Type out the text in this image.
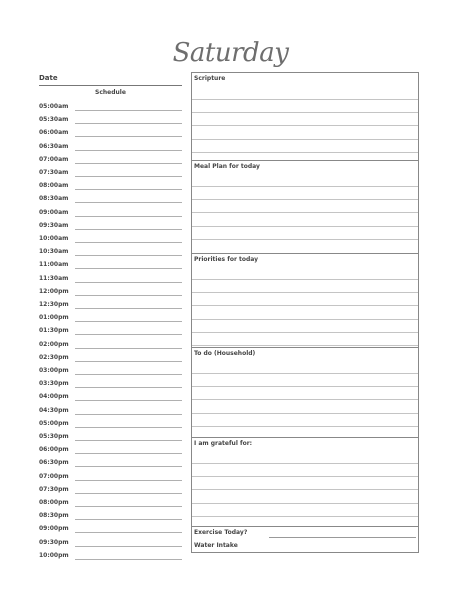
Saturday
Date
Schedule
05:00am
05:30am
06:00am
06:30am
07:00am
07:30am
08:00am
08:30am
09:00am
09:30am
10:00am
10:30am
11:00am
11:30am
12:00pm
12:30pm
01:00pm
01:30pm
02:00pm
02:30pm
03:00pm
03:30pm
04:00pm
04:30pm
05:00pm
05:30pm
06:00pm
06:30pm
07:00pm
07:30pm
08:00pm
08:30pm
09:00pm
09:30pm
10:00pm
Scripture
Meal Plan for today
Priorities for today
To do (Household)
I am grateful for:
Exercise Today?
Water Intake
